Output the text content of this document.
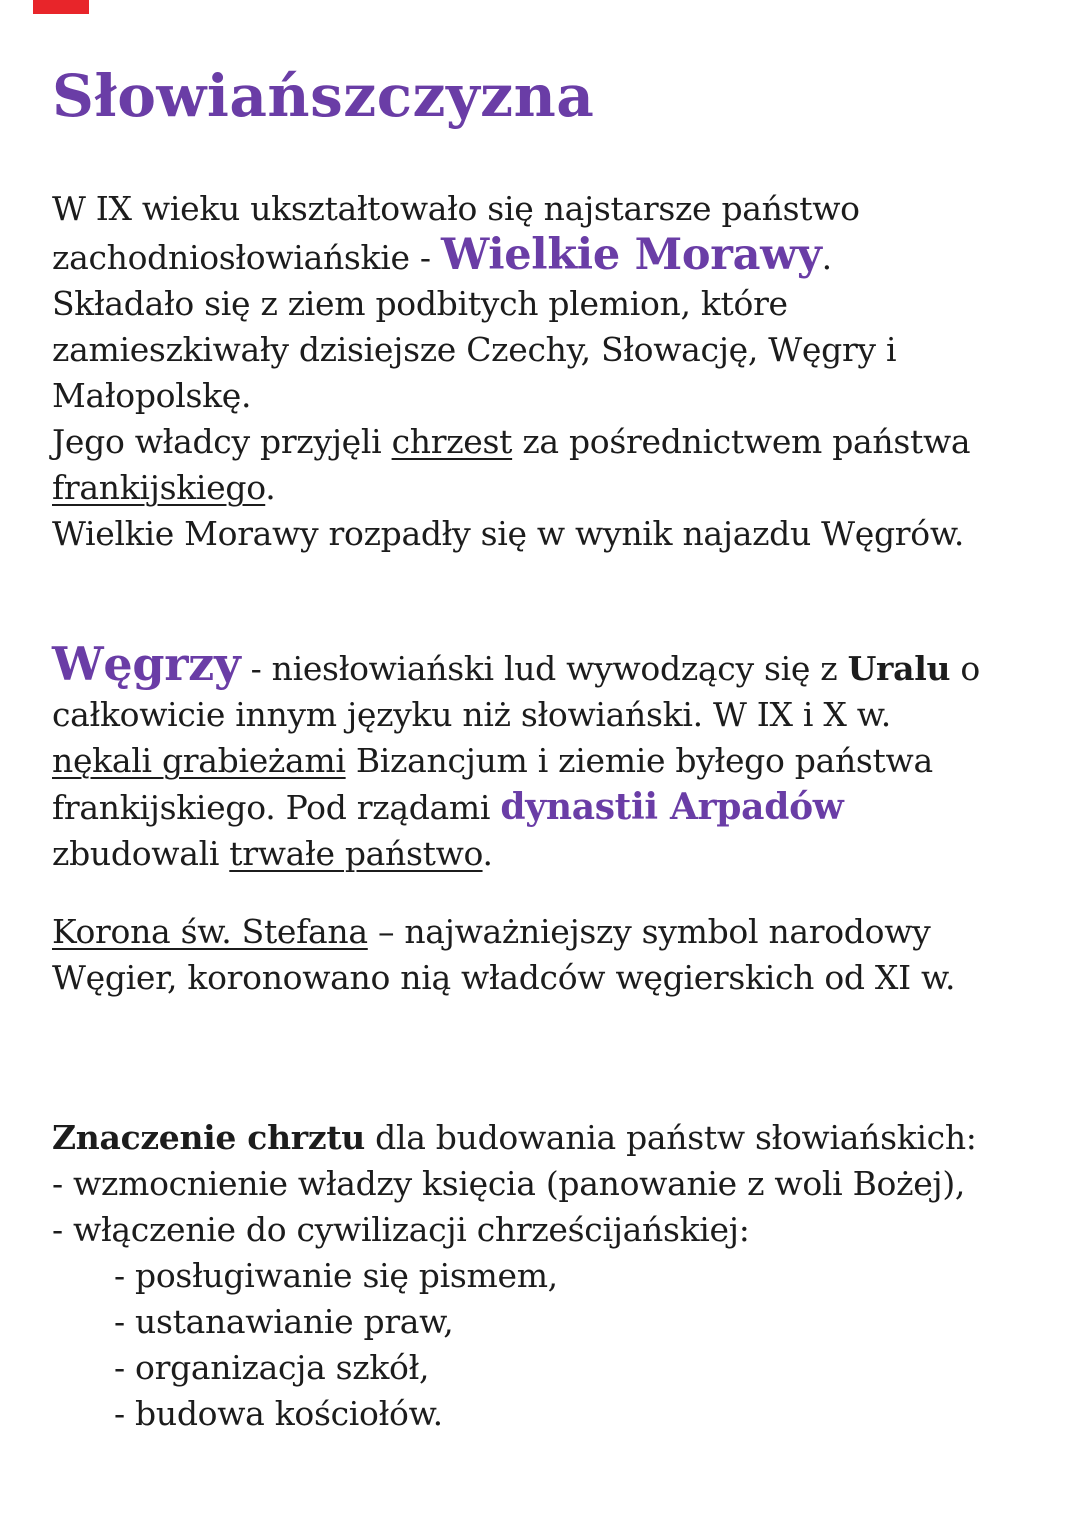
Słowiańszczyzna
W IX wieku ukształtowało się najstarsze państwo
zachodniosłowiańskie - Wielkie Morawy.
Składało się z ziem podbitych plemion, które
zamieszkiwały dzisiejsze Czechy, Słowację, Węgry i
Małopolskę.
Jego władcy przyjęli chrzest za pośrednictwem państwa
frankijskiego.
Wielkie Morawy rozpadły się w wynik najazdu Węgrów.
Węgrzy - niesłowiański lud wywodzący się z Uralu o
całkowicie innym języku niż słowiański. W IX i X w.
nękali grabieżami Bizancjum i ziemie byłego państwa
frankijskiego. Pod rządami dynastii Arpadów
zbudowali trwałe państwo.
Korona św. Stefana – najważniejszy symbol narodowy
Węgier, koronowano nią władców węgierskich od XI w.
Znaczenie chrztu dla budowania państw słowiańskich:
- wzmocnienie władzy księcia (panowanie z woli Bożej),
- włączenie do cywilizacji chrześcijańskiej:
- posługiwanie się pismem,
- ustanawianie praw,
- organizacja szkół,
- budowa kościołów.
